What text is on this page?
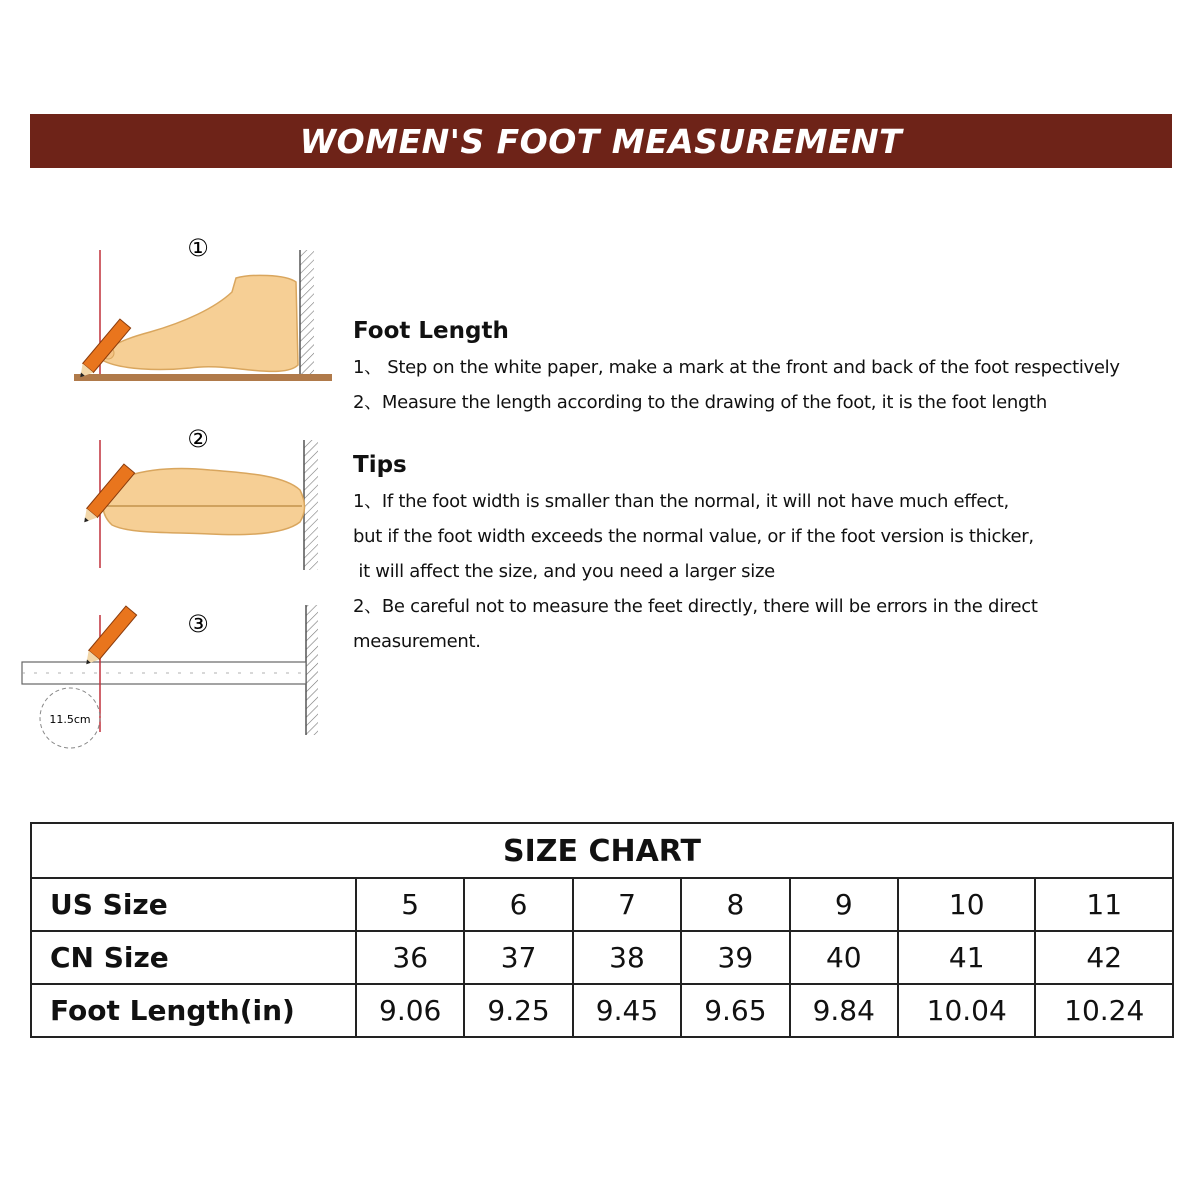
WOMEN'S FOOT MEASUREMENT
①
②
③
11.5cm
Foot Length
1、 Step on the white paper, make a mark at the front and back of the foot respectively
2、Measure the length according to the drawing of the foot, it is the foot length
Tips
1、If the foot width is smaller than the normal, it will not have much effect,
but if the foot width exceeds the normal value, or if the foot version is thicker,
it will affect the size, and you need a larger size
2、Be careful not to measure the feet directly, there will be errors in the direct
measurement.
SIZE CHART							
US Size	5	6	7	8	9	10	11
CN Size	36	37	38	39	40	41	42
Foot Length(in)	9.06	9.25	9.45	9.65	9.84	10.04	10.24
